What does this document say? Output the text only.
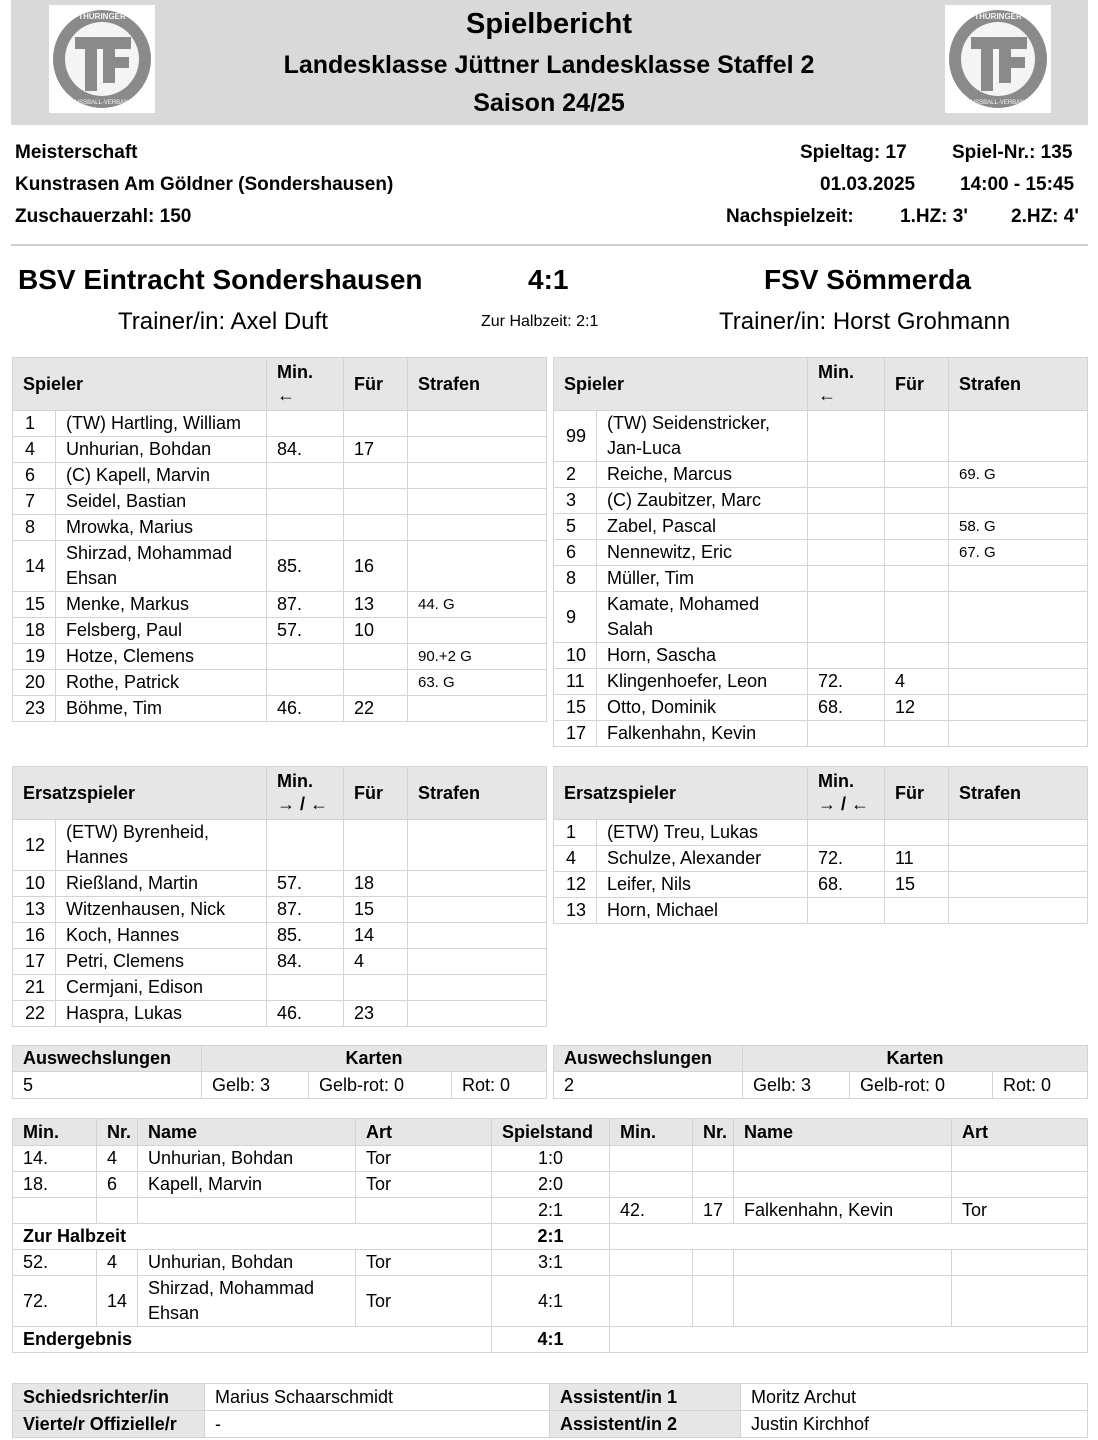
THÜRINGER
FUSSBALL-VERBAND
THÜRINGER
FUSSBALL-VERBAND
Spielbericht
Landesklasse Jüttner Landesklasse Staffel 2
Saison 24/25
Meisterschaft
Kunstrasen Am Göldner (Sondershausen)
Zuschauerzahl: 150
Spieltag: 17 Spiel-Nr.: 135
01.03.2025 14:00 - 15:45
Nachspielzeit: 1.HZ: 3' 2.HZ: 4'
BSV Eintracht Sondershausen	4:1	FSV Sömmerda
Trainer/in: Axel Duft	Zur Halbzeit: 2:1	Trainer/in: Horst Grohmann
Spieler		Min.
←	Für	Strafen
1	(TW) Hartling, William			
4	Unhurian, Bohdan	84.	17	
6	(C) Kapell, Marvin			
7	Seidel, Bastian			
8	Mrowka, Marius			
14	Shirzad, Mohammad Ehsan	85.	16	
15	Menke, Markus	87.	13	44. G
18	Felsberg, Paul	57.	10	
19	Hotze, Clemens			90.+2 G
20	Rothe, Patrick			63. G
23	Böhme, Tim	46.	22	
Spieler		Min.
←	Für	Strafen
99	(TW) Seidenstricker, Jan-Luca			
2	Reiche, Marcus			69. G
3	(C) Zaubitzer, Marc			
5	Zabel, Pascal			58. G
6	Nennewitz, Eric			67. G
8	Müller, Tim			
9	Kamate, Mohamed Salah			
10	Horn, Sascha			
11	Klingenhoefer, Leon	72.	4	
15	Otto, Dominik	68.	12	
17	Falkenhahn, Kevin			
Ersatzspieler		Min.
→ / ←	Für	Strafen
12	(ETW) Byrenheid, Hannes			
10	Rießland, Martin	57.	18	
13	Witzenhausen, Nick	87.	15	
16	Koch, Hannes	85.	14	
17	Petri, Clemens	84.	4	
21	Cermjani, Edison			
22	Haspra, Lukas	46.	23	
Ersatzspieler		Min.
→ / ←	Für	Strafen
1	(ETW) Treu, Lukas			
4	Schulze, Alexander	72.	11	
12	Leifer, Nils	68.	15	
13	Horn, Michael			
Auswechslungen	Karten		
5	Gelb: 3	Gelb-rot: 0	Rot: 0
Auswechslungen	Karten		
2	Gelb: 3	Gelb-rot: 0	Rot: 0
Min.	Nr.	Name	Art	Spielstand	Min.	Nr.	Name	Art
14.	4	Unhurian, Bohdan	Tor	1:0				
18.	6	Kapell, Marvin	Tor	2:0				
				2:1	42.	17	Falkenhahn, Kevin	Tor
Zur Halbzeit				2:1				
52.	4	Unhurian, Bohdan	Tor	3:1				
72.	14	Shirzad, Mohammad Ehsan	Tor	4:1				
Endergebnis				4:1				
Schiedsrichter/in	Marius Schaarschmidt	Assistent/in 1	Moritz Archut
Vierte/r Offizielle/r	-	Assistent/in 2	Justin Kirchhof
